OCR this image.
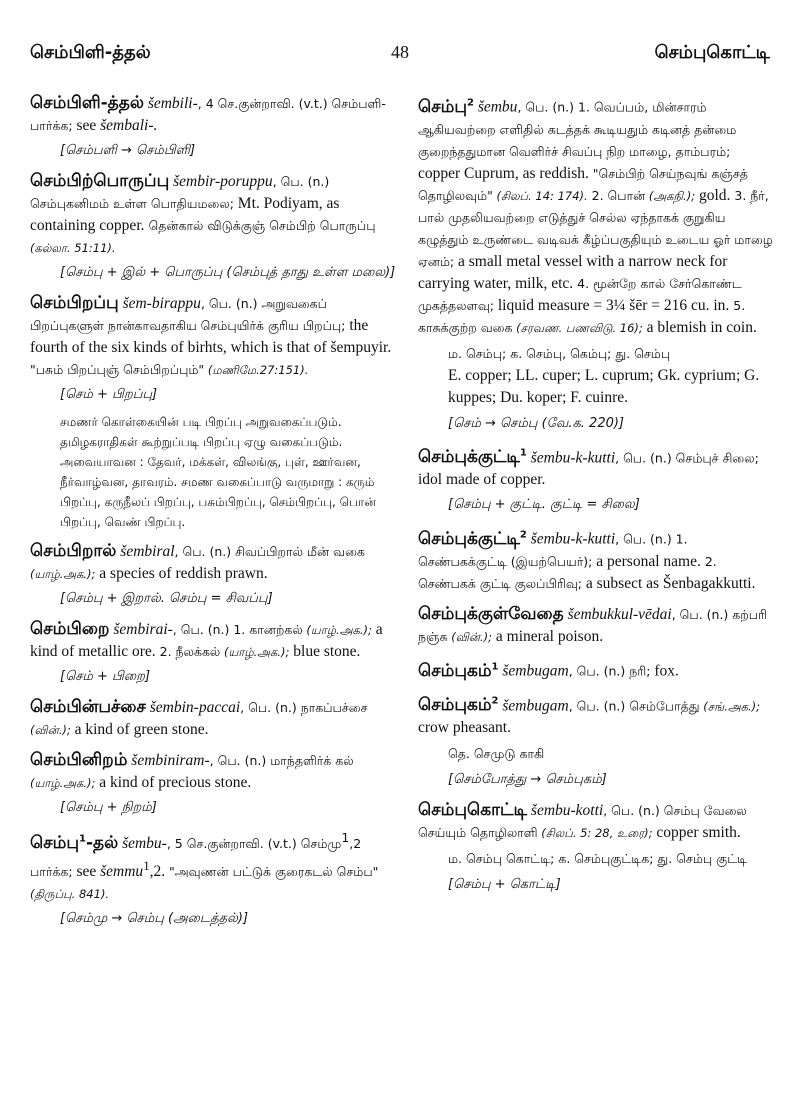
செம்பிளி-த்தல்	48	செம்புகொட்டி
செம்பிளி-த்தல் šembili-, 4 செ.குன்றாவி. (v.t.) செம்பளி- பார்க்க; see šembali-.
[செம்பளி → செம்பிளி]
செம்பிற்பொருப்பு šembir-poruppu, பெ. (n.) செம்புகனிமம் உள்ள பொதியமலை; Mt. Podiyam, as containing copper. தென்கால் விடுக்குஞ் செம்பிற் பொருப்பு (கல்லா. 51:11).
[செம்பு + இல் + பொருப்பு (செம்புத் தாது உள்ள மலை)]
செம்பிறப்பு šem-birappu, பெ. (n.) அறுவகைப் பிறப்புகளுள் நான்காவதாகிய செம்புயிர்க் குரிய பிறப்பு; the fourth of the six kinds of birhts, which is that of šempuyir. "பசும் பிறப்புஞ் செம்பிறப்பும்" (மணிமே.27:151).
[செம் + பிறப்பு]
சமணர் கொள்கையின் படி பிறப்பு அறுவகைப்படும். தமிழகராதிகள் கூற்றுப்படி பிறப்பு ஏழு வகைப்படும். அவையாவன : தேவர், மக்கள், விலங்கு, புள், ஊர்வன, நீர்வாழ்வன, தாவரம். சமண வகைப்பாடு வருமாறு : கரும் பிறப்பு, கருநீலப் பிறப்பு, பசும்பிறப்பு, செம்பிறப்பு, பொன் பிறப்பு, வெண் பிறப்பு.
செம்பிறால் šembiral, பெ. (n.) சிவப்பிறால் மீன் வகை (யாழ்.அக.); a species of reddish prawn.
[செம்பு + இறால். செம்பு = சிவப்பு]
செம்பிறை šembirai-, பெ. (n.) 1. கானற்கல் (யாழ்.அக.); a kind of metallic ore. 2. நீலக்கல் (யாழ்.அக.); blue stone.
[செம் + பிறை]
செம்பின்பச்சை šembin-paccai, பெ. (n.) நாகப்பச்சை (வின்.); a kind of green stone.
செம்பினிறம் šembiniram-, பெ. (n.) மாந்தளிர்க் கல் (யாழ்.அக.); a kind of precious stone.
[செம்பு + நிறம்]
செம்பு$^1$-தல் šembu-, 5 செ.குன்றாவி. (v.t.) செம்மு$^1$,2 பார்க்க; see šemmu$^1$,2. "அவுணன் பட்டுக் குரைகடல் செம்ப" (திருப்பு. 841).
[செம்மு → செம்பு (அடைத்தல்)]
செம்பு$^2$ šembu, பெ. (n.) 1. வெப்பம், மின்சாரம் ஆகியவற்றை எளிதில் கடத்தக் கூடியதும் கடினத் தன்மை குறைந்ததுமான வெளிர்ச் சிவப்பு நிற மாழை, தாம்பரம்; copper Cuprum, as reddish. "செம்பிற் செய்நவுங் கஞ்சத் தொழிலவும்" (சிலப். 14: 174). 2. பொன் (அகநி.); gold. 3. நீர், பால் முதலியவற்றை எடுத்துச் செல்ல ஏந்தாகக் குறுகிய கழுத்தும் உருண்டை வடிவக் கீழ்ப்பகுதியும் உடைய ஓர் மாழை ஏனம்; a small metal vessel with a narrow neck for carrying water, milk, etc. 4. மூன்றே கால் சேர்கொண்ட முகத்தலளவு; liquid measure = 3¼ šēr = 216 cu. in. 5. காசுக்குற்ற வகை (சரவண. பணவிடு. 16); a blemish in coin.
ம. செம்பு; க. செம்பு, கெம்பு; து. செம்பு
E. copper; LL. cuper; L. cuprum; Gk. cyprium; G. kuppes; Du. koper; F. cuinre.
[செம் → செம்பு (வே.க. 220)]
செம்புக்குட்டி$^1$ šembu-k-kutti, பெ. (n.) செம்புச் சிலை; idol made of copper.
[செம்பு + குட்டி. குட்டி = சிலை]
செம்புக்குட்டி$^2$ šembu-k-kutti, பெ. (n.) 1. செண்பகக்குட்டி (இயற்பெயர்); a personal name. 2. செண்பகக் குட்டி குலப்பிரிவு; a subsect as Šenbagakkutti.
செம்புக்குள்வேதை šembukkul-vēdai, பெ. (n.) கற்பரி நஞ்சு (வின்.); a mineral poison.
செம்புகம்$^1$ šembugam, பெ. (n.) நரி; fox.
செம்புகம்$^2$ šembugam, பெ. (n.) செம்போத்து (சங்.அக.); crow pheasant.
தெ. செமுடு காகி
[செம்போத்து → செம்புகம்]
செம்புகொட்டி šembu-kotti, பெ. (n.) செம்பு வேலை செய்யும் தொழிலாளி (சிலப். 5: 28, உரை); copper smith.
ம. செம்பு கொட்டி; க. செம்புகுட்டிக; து. செம்பு குட்டி
[செம்பு + கொட்டி]
